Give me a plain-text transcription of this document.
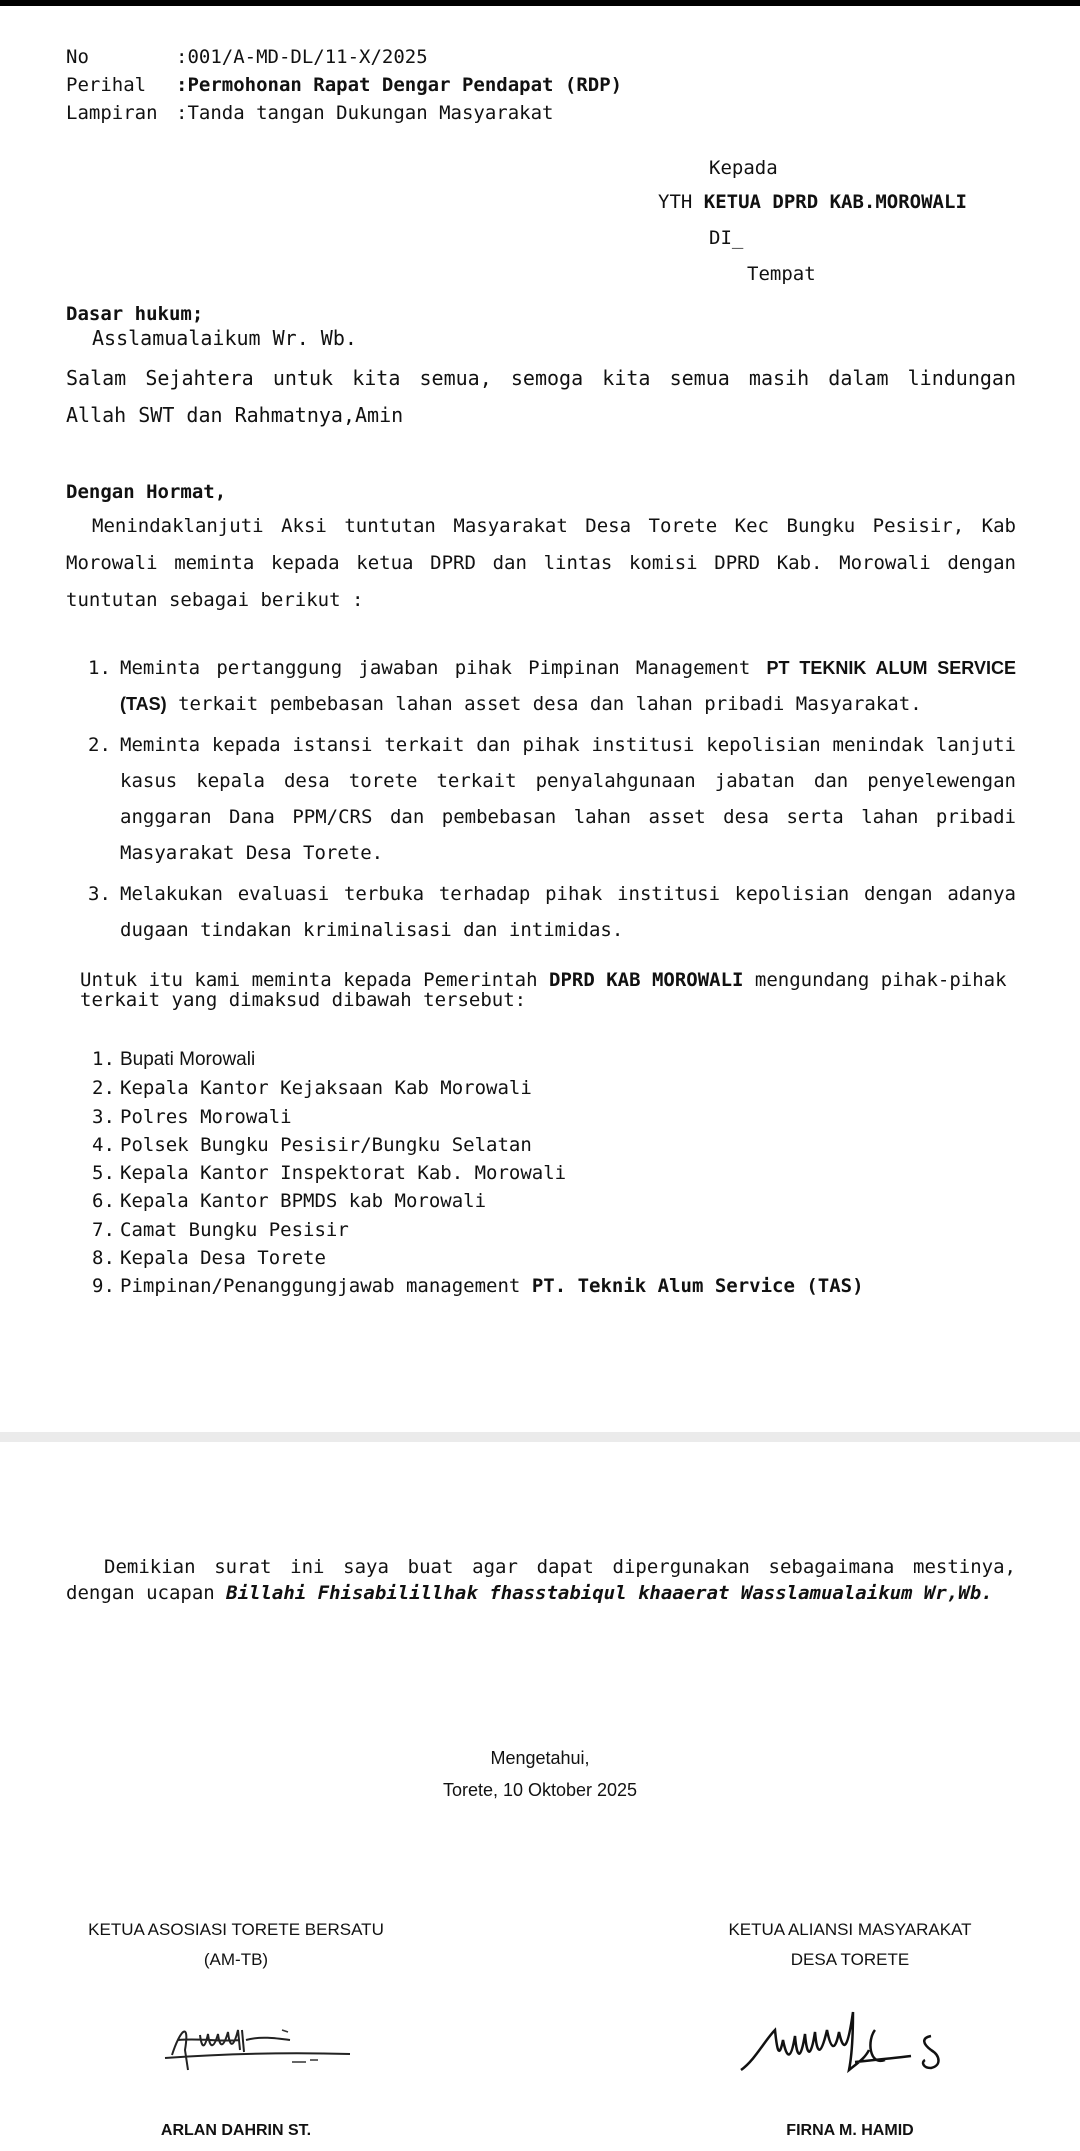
No	:001/A-MD-DL/11-X/2025
Perihal :Permohonan Rapat Dengar Pendapat (RDP)
Lampiran :Tanda tangan Dukungan Masyarakat
Kepada
YTH KETUA DPRD KAB.MOROWALI
DI_
Tempat
Dasar hukum;
Asslamualaikum Wr. Wb.
Salam Sejahtera untuk kita semua, semoga kita semua masih dalam lindungan Allah SWT dan Rahmatnya,Amin
Dengan Hormat,
Menindaklanjuti Aksi tuntutan Masyarakat Desa Torete Kec Bungku Pesisir, Kab Morowali meminta kepada ketua DPRD dan lintas komisi DPRD Kab. Morowali dengan tuntutan sebagai berikut :
1. Meminta pertanggung jawaban pihak Pimpinan Management PT TEKNIK ALUM SERVICE (TAS) terkait pembebasan lahan asset desa dan lahan pribadi Masyarakat.
2. Meminta kepada istansi terkait dan pihak institusi kepolisian menindak lanjuti kasus kepala desa torete terkait penyalahgunaan jabatan dan penyelewengan anggaran Dana PPM/CRS dan pembebasan lahan asset desa serta lahan pribadi Masyarakat Desa Torete.
3. Melakukan evaluasi terbuka terhadap pihak institusi kepolisian dengan adanya dugaan tindakan kriminalisasi dan intimidas.
Untuk itu kami meminta kepada Pemerintah DPRD KAB MOROWALI mengundang pihak-pihak terkait yang dimaksud dibawah tersebut:
1. Bupati Morowali
2. Kepala Kantor Kejaksaan Kab Morowali
3. Polres Morowali
4. Polsek Bungku Pesisir/Bungku Selatan
5. Kepala Kantor Inspektorat Kab. Morowali
6. Kepala Kantor BPMDS kab Morowali
7. Camat Bungku Pesisir
8. Kepala Desa Torete
9. Pimpinan/Penanggungjawab management PT. Teknik Alum Service (TAS)
Demikian surat ini saya buat agar dapat dipergunakan sebagaimana mestinya, dengan ucapan Billahi Fhisabilillhak fhasstabiqul khaaerat Wasslamualaikum Wr,Wb.
Mengetahui,
Torete, 10 Oktober 2025
KETUA ASOSIASI TORETE BERSATU
(AM-TB)
KETUA ALIANSI MASYARAKAT
DESA TORETE
ARLAN DAHRIN ST.	FIRNA M. HAMID
